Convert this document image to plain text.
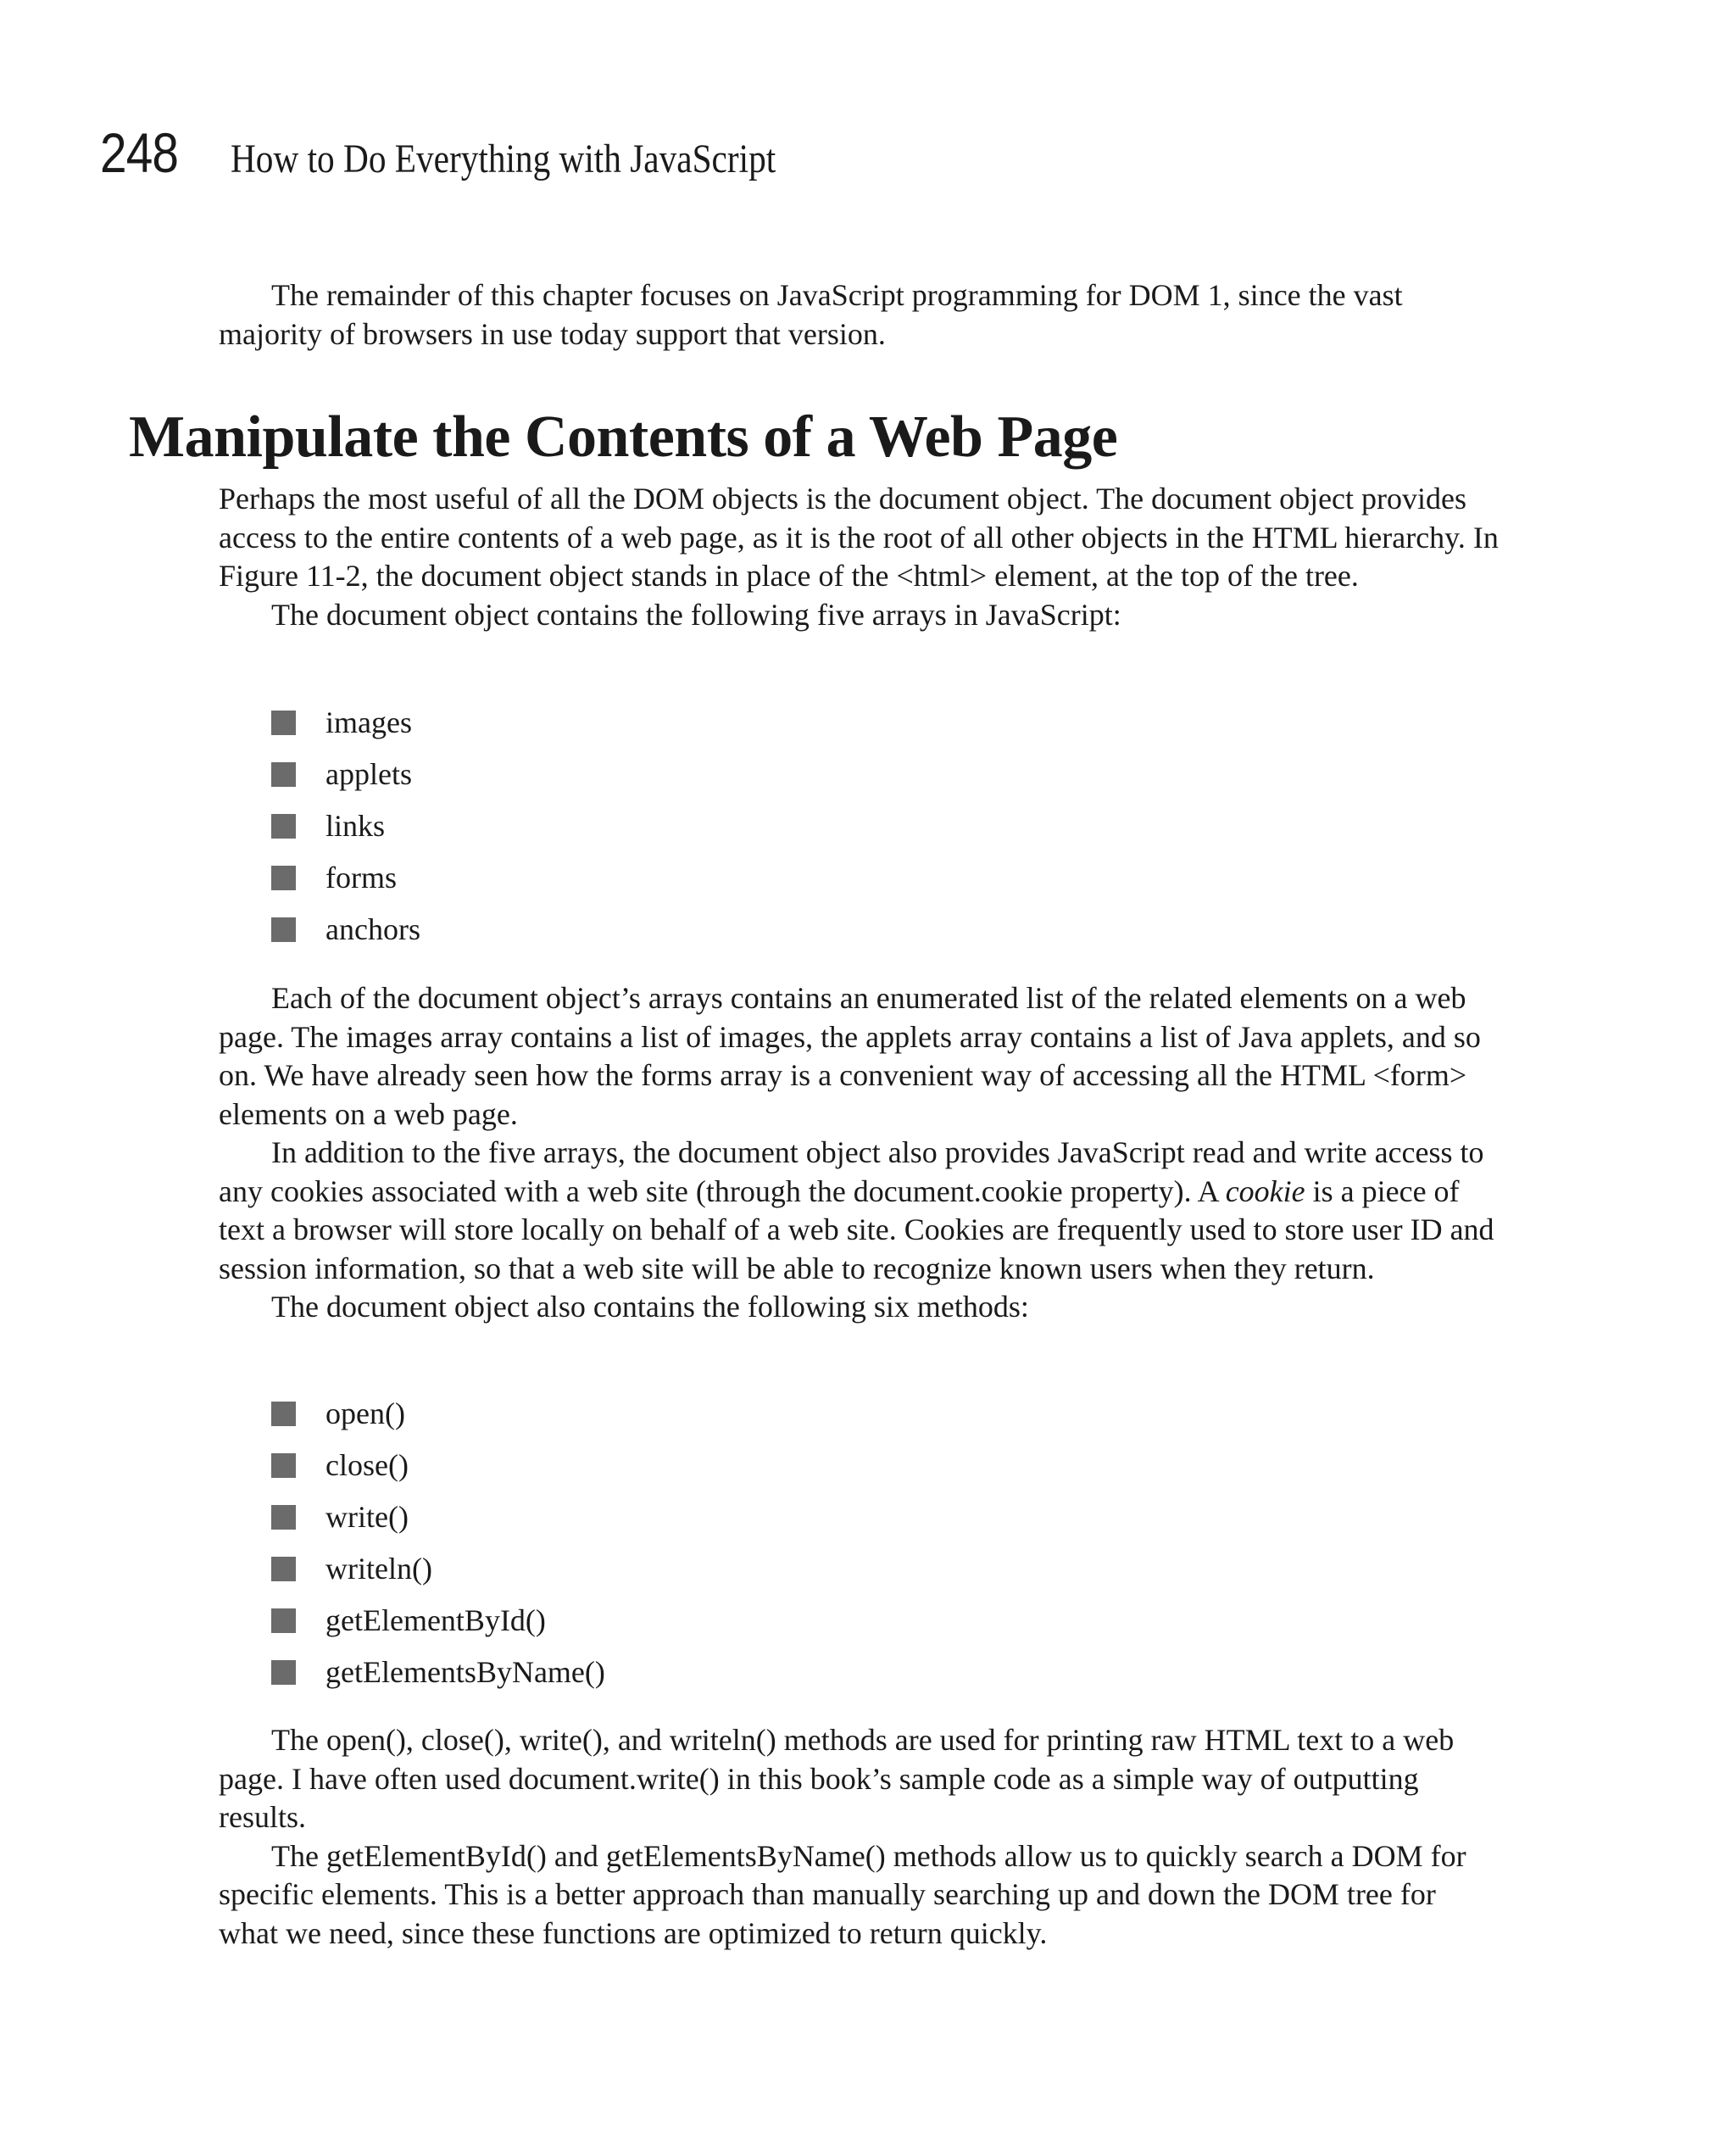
248	How to Do Everything with JavaScript

The remainder of this chapter focuses on JavaScript programming for DOM 1, since the vast majority of browsers in use today support that version.

Manipulate the Contents of a Web Page

Perhaps the most useful of all the DOM objects is the document object. The document object provides access to the entire contents of a web page, as it is the root of all other objects in the HTML hierarchy. In Figure 11-2, the document object stands in place of the <html> element, at the top of the tree.

The document object contains the following five arrays in JavaScript:

images
applets
links
forms
anchors

Each of the document object’s arrays contains an enumerated list of the related elements on a web page. The images array contains a list of images, the applets array contains a list of Java applets, and so on. We have already seen how the forms array is a convenient way of accessing all the HTML <form> elements on a web page.

In addition to the five arrays, the document object also provides JavaScript read and write access to any cookies associated with a web site (through the document.cookie property). A cookie is a piece of text a browser will store locally on behalf of a web site. Cookies are frequently used to store user ID and session information, so that a web site will be able to recognize known users when they return.

The document object also contains the following six methods:

open()
close()
write()
writeln()
getElementById()
getElementsByName()

The open(), close(), write(), and writeln() methods are used for printing raw HTML text to a web page. I have often used document.write() in this book’s sample code as a simple way of outputting results.

The getElementById() and getElementsByName() methods allow us to quickly search a DOM for specific elements. This is a better approach than manually searching up and down the DOM tree for what we need, since these functions are optimized to return quickly.
